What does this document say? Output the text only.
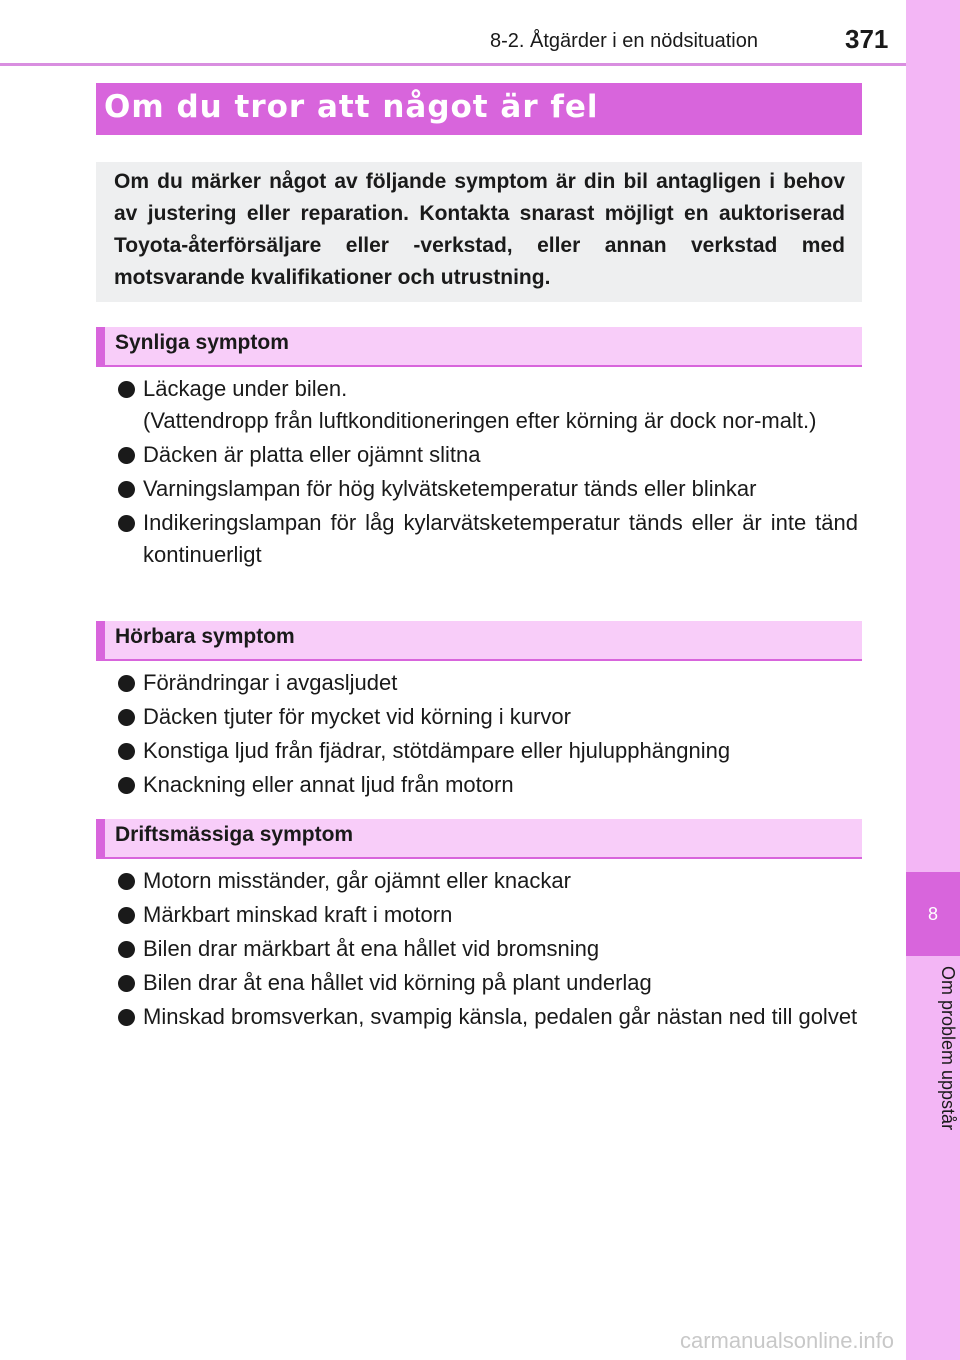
8-2. Åtgärder i en nödsituation	371
8
Om problem uppstår
Om du tror att något är fel

Om du märker något av följande symptom är din bil antagligen i behov av justering eller reparation. Kontakta snarast möjligt en auktoriserad Toyota-återförsäljare eller -verkstad, eller annan verkstad med motsvarande kvalifikationer och utrustning.

Synliga symptom
Läckage under bilen.
(Vattendropp från luftkonditioneringen efter körning är dock nor-malt.)
Däcken är platta eller ojämnt slitna
Varningslampan för hög kylvätsketemperatur tänds eller blinkar
Indikeringslampan för låg kylarvätsketemperatur tänds eller är inte tänd kontinuerligt
Hörbara symptom
Förändringar i avgasljudet
Däcken tjuter för mycket vid körning i kurvor
Konstiga ljud från fjädrar, stötdämpare eller hjulupphängning
Knackning eller annat ljud från motorn
Driftsmässiga symptom
Motorn misständer, går ojämnt eller knackar
Märkbart minskad kraft i motorn
Bilen drar märkbart åt ena hållet vid bromsning
Bilen drar åt ena hållet vid körning på plant underlag
Minskad bromsverkan, svampig känsla, pedalen går nästan ned till golvet
carmanualsonline.info
